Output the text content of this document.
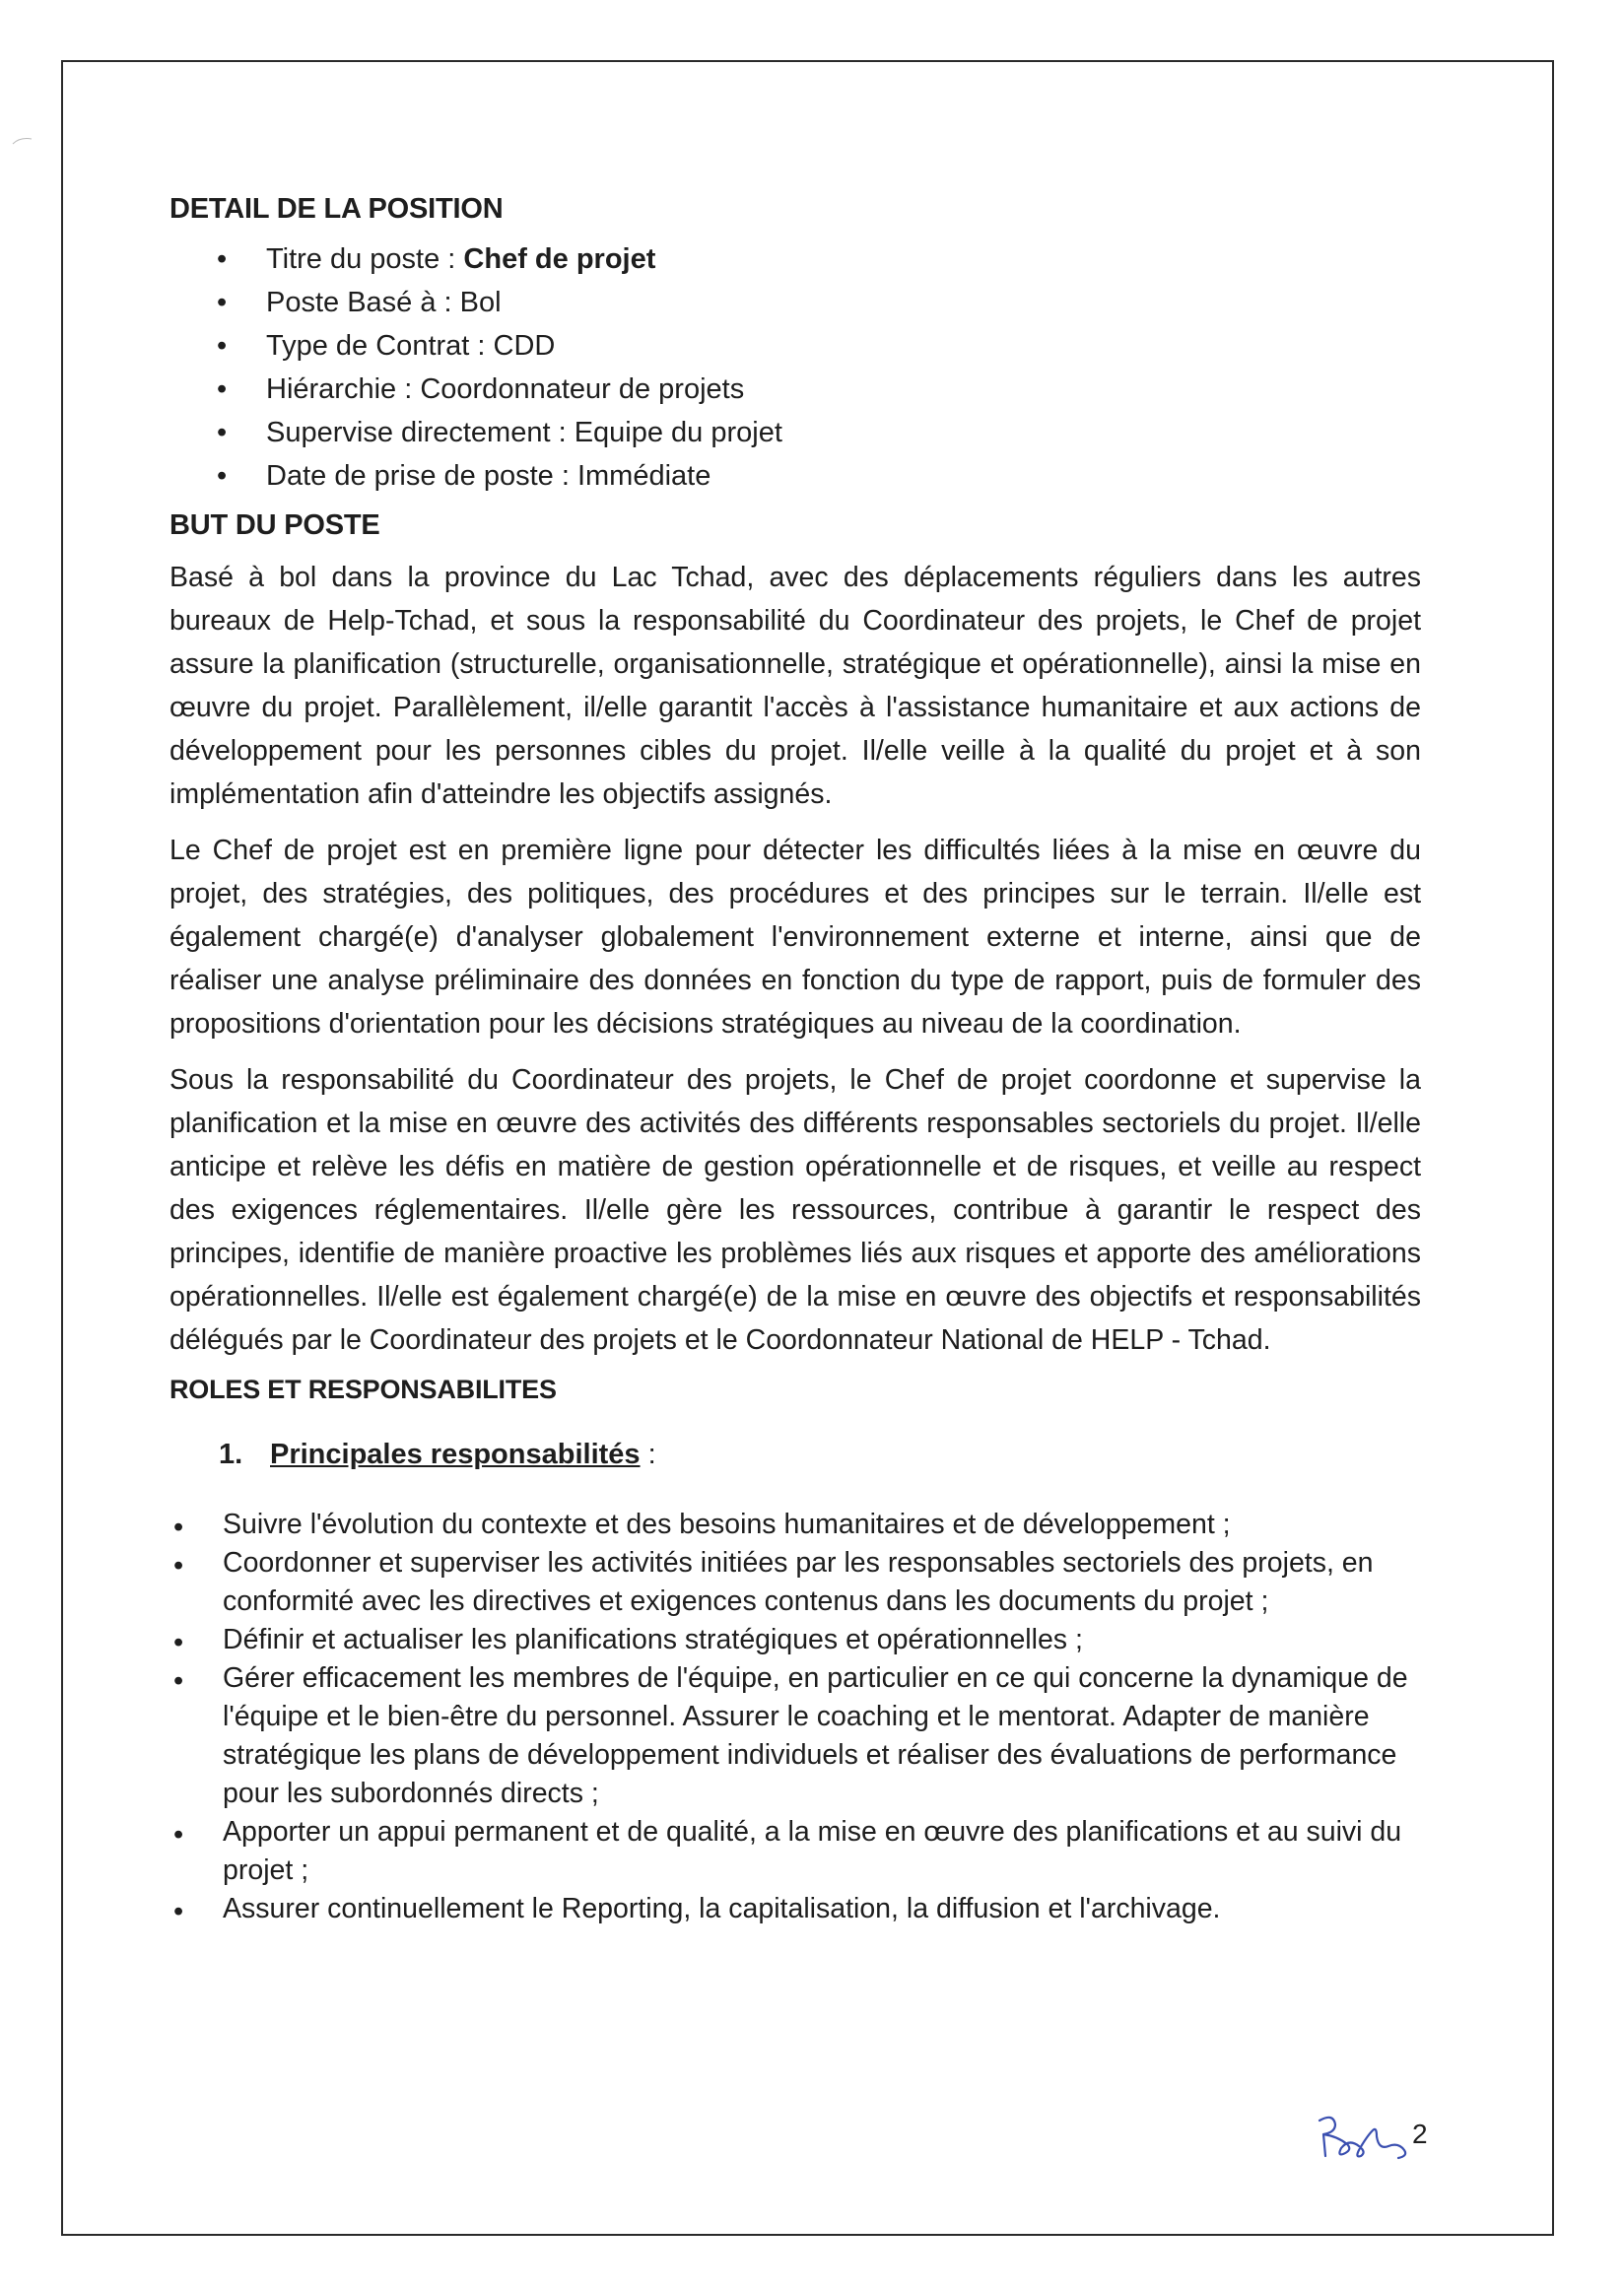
DETAIL DE LA POSITION

• Titre du poste : Chef de projet
• Poste Basé à : Bol
• Type de Contrat : CDD
• Hiérarchie : Coordonnateur de projets
• Supervise directement : Equipe du projet
• Date de prise de poste : Immédiate

BUT DU POSTE

Basé à bol dans la province du Lac Tchad, avec des déplacements réguliers dans les autres bureaux de Help-Tchad, et sous la responsabilité du Coordinateur des projets, le Chef de projet assure la planification (structurelle, organisationnelle, stratégique et opérationnelle), ainsi la mise en œuvre du projet. Parallèlement, il/elle garantit l'accès à l'assistance humanitaire et aux actions de développement pour les personnes cibles du projet. Il/elle veille à la qualité du projet et à son implémentation afin d'atteindre les objectifs assignés.

Le Chef de projet est en première ligne pour détecter les difficultés liées à la mise en œuvre du projet, des stratégies, des politiques, des procédures et des principes sur le terrain. Il/elle est également chargé(e) d'analyser globalement l'environnement externe et interne, ainsi que de réaliser une analyse préliminaire des données en fonction du type de rapport, puis de formuler des propositions d'orientation pour les décisions stratégiques au niveau de la coordination.

Sous la responsabilité du Coordinateur des projets, le Chef de projet coordonne et supervise la planification et la mise en œuvre des activités des différents responsables sectoriels du projet. Il/elle anticipe et relève les défis en matière de gestion opérationnelle et de risques, et veille au respect des exigences réglementaires. Il/elle gère les ressources, contribue à garantir le respect des principes, identifie de manière proactive les problèmes liés aux risques et apporte des améliorations opérationnelles. Il/elle est également chargé(e) de la mise en œuvre des objectifs et responsabilités délégués par le Coordinateur des projets et le Coordonnateur National de HELP - Tchad.

ROLES ET RESPONSABILITES

1. Principales responsabilités :

• Suivre l'évolution du contexte et des besoins humanitaires et de développement ;
• Coordonner et superviser les activités initiées par les responsables sectoriels des projets, en conformité avec les directives et exigences contenus dans les documents du projet ;
• Définir et actualiser les planifications stratégiques et opérationnelles ;
• Gérer efficacement les membres de l'équipe, en particulier en ce qui concerne la dynamique de l'équipe et le bien-être du personnel. Assurer le coaching et le mentorat. Adapter de manière stratégique les plans de développement individuels et réaliser des évaluations de performance pour les subordonnés directs ;
• Apporter un appui permanent et de qualité, a la mise en œuvre des planifications et au suivi du projet ;
• Assurer continuellement le Reporting, la capitalisation, la diffusion et l'archivage.
2
